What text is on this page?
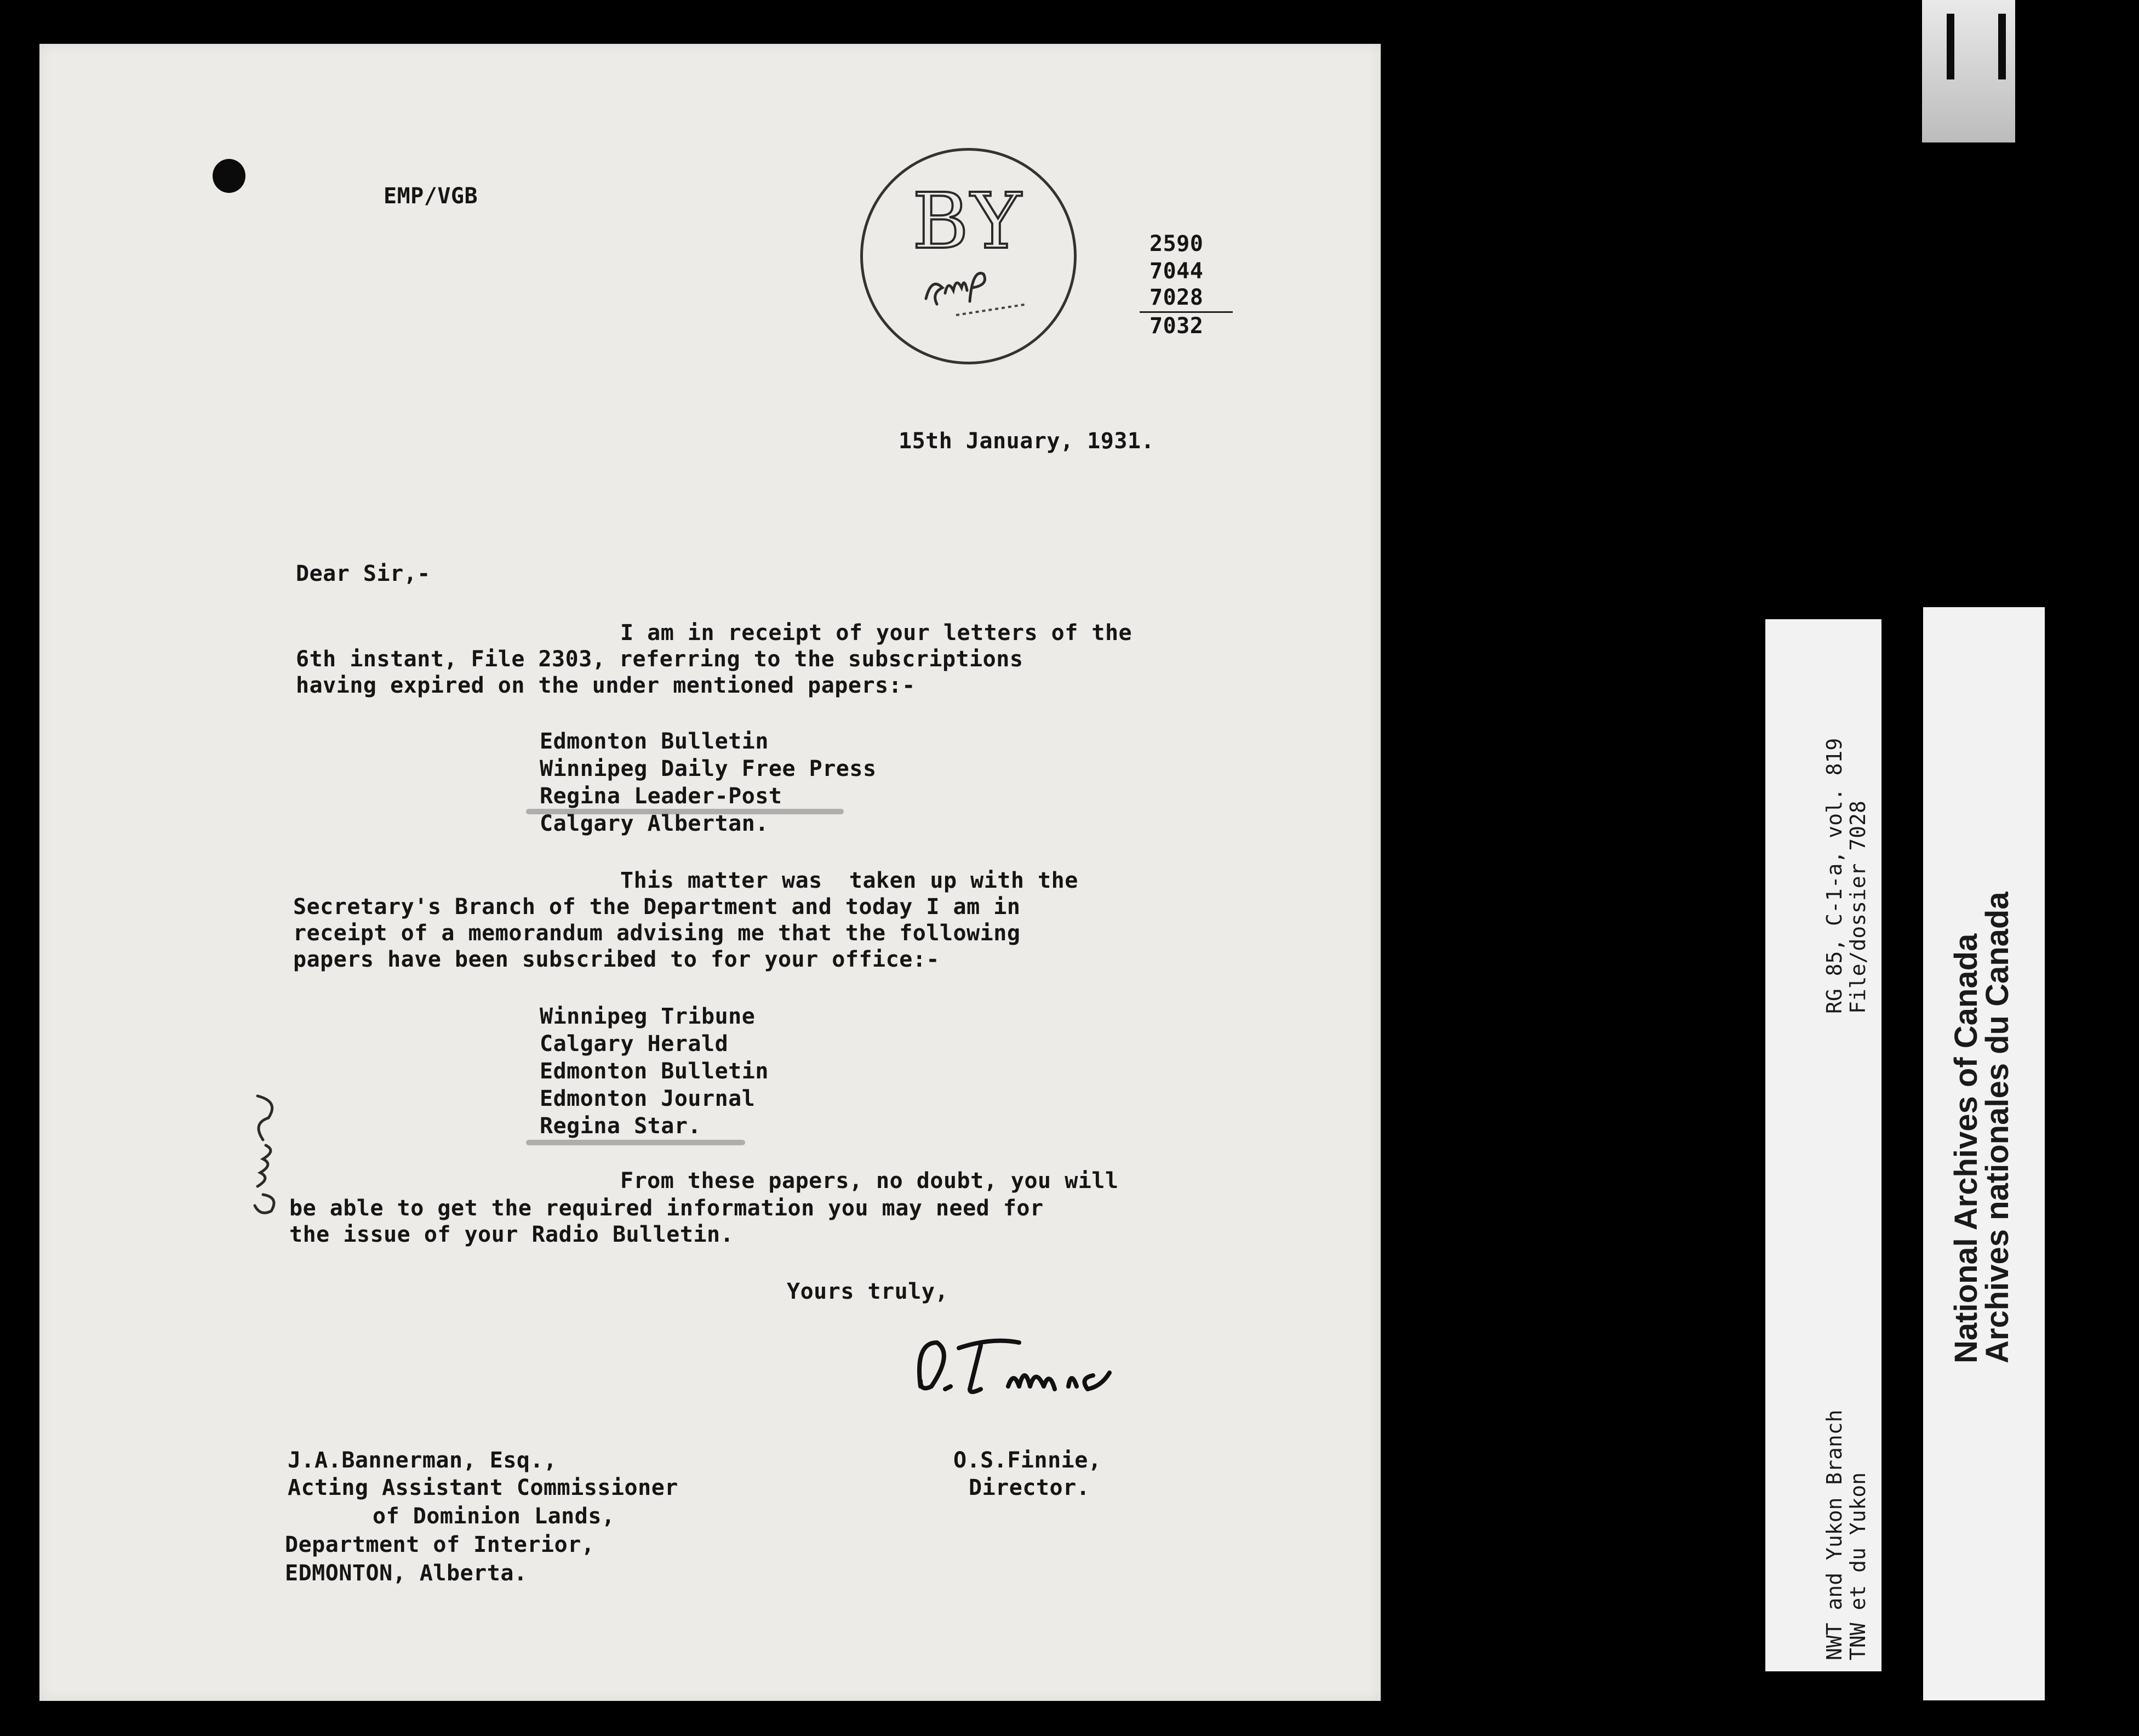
EMP/VGB	BY	2590
7044
7028
7032
15th January, 1931.
Dear Sir,-
I am in receipt of your letters of the
6th instant, File 2303, referring to the subscriptions
having expired on the under mentioned papers:-
Edmonton Bulletin
Winnipeg Daily Free Press
Regina Leader-Post
Calgary Albertan.
This matter was  taken up with the
Secretary's Branch of the Department and today I am in
receipt of a memorandum advising me that the following
papers have been subscribed to for your office:-
Winnipeg Tribune
Calgary Herald
Edmonton Bulletin
Edmonton Journal
Regina Star.
From these papers, no doubt, you will
be able to get the required information you may need for
the issue of your Radio Bulletin.
Yours truly,
O.S.Finnie,
Director.
J.A.Bannerman, Esq.,
Acting Assistant Commissioner
of Dominion Lands,
Department of Interior,
EDMONTON, Alberta.
RG 85, C-1-a, vol. 819 File/dossier 7028
NWT and Yukon Branch TNW et du Yukon
National Archives of Canada
Archives nationales du Canada
